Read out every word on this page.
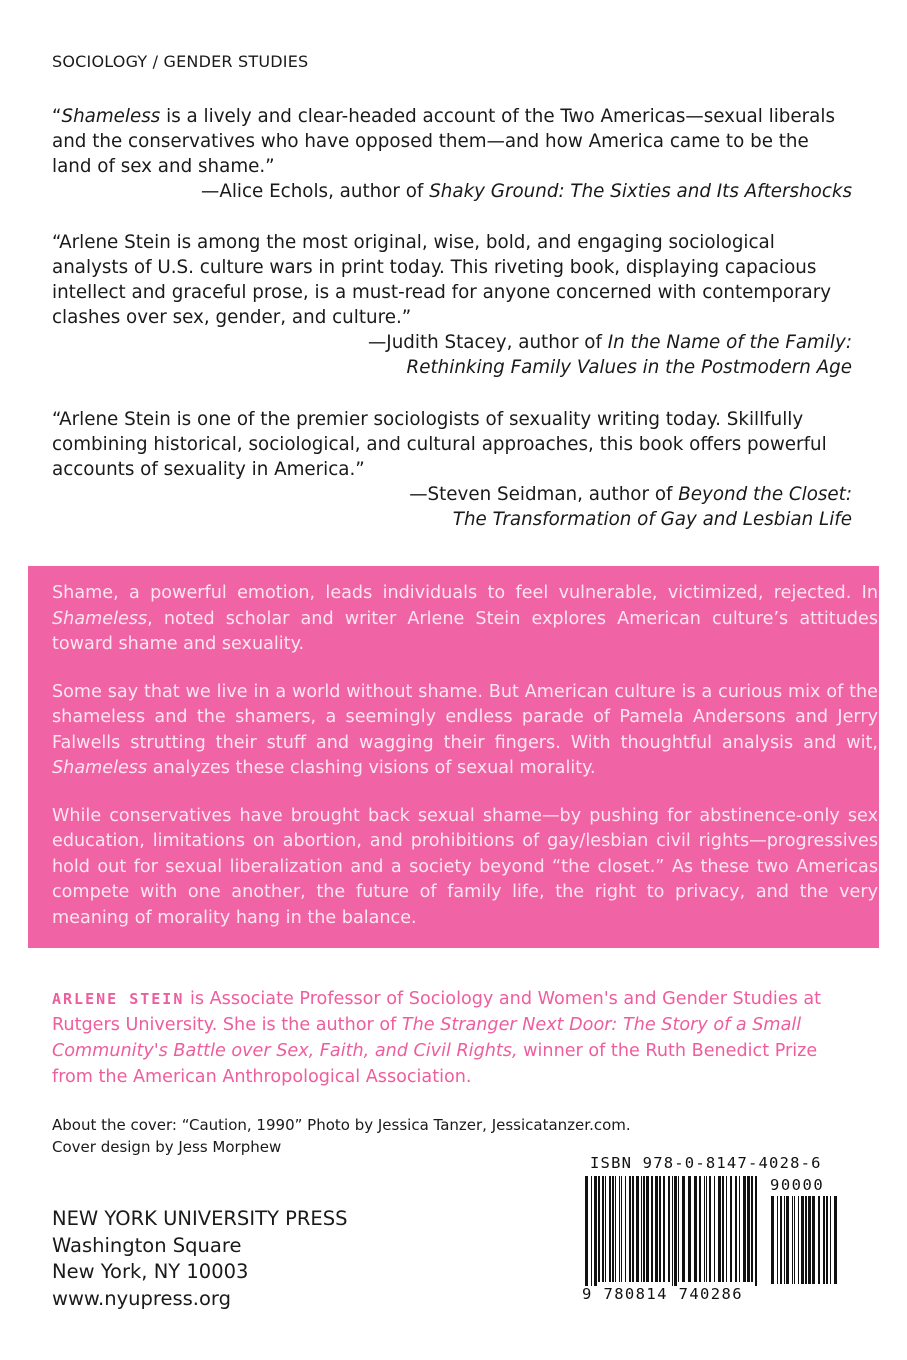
SOCIOLOGY / GENDER STUDIES

“Shameless is a lively and clear-headed account of the Two Americas—sexual liberals and the conservatives who have opposed them—and how America came to be the land of sex and shame.”

—Alice Echols, author of Shaky Ground: The Sixties and Its Aftershocks

“Arlene Stein is among the most original, wise, bold, and engaging sociological analysts of U.S. culture wars in print today. This riveting book, displaying capacious intellect and graceful prose, is a must-read for anyone concerned with contemporary clashes over sex, gender, and culture.”

—Judith Stacey, author of In the Name of the Family:
Rethinking Family Values in the Postmodern Age

“Arlene Stein is one of the premier sociologists of sexuality writing today. Skillfully combining historical, sociological, and cultural approaches, this book offers powerful accounts of sexuality in America.”

—Steven Seidman, author of Beyond the Closet:
The Transformation of Gay and Lesbian Life

Shame, a powerful emotion, leads individuals to feel vulnerable, victimized, rejected. In Shameless, noted scholar and writer Arlene Stein explores American culture’s attitudes toward shame and sexuality.

Some say that we live in a world without shame. But American culture is a curious mix of the shameless and the shamers, a seemingly endless parade of Pamela Andersons and Jerry Falwells strutting their stuff and wagging their fingers. With thoughtful analysis and wit, Shameless analyzes these clashing visions of sexual morality.

While conservatives have brought back sexual shame—by pushing for abstinence-only sex education, limitations on abortion, and prohibitions of gay/lesbian civil rights—progressives hold out for sexual liberalization and a society beyond “the closet.” As these two Americas compete with one another, the future of family life, the right to privacy, and the very meaning of morality hang in the balance.

ARLENE STEIN is Associate Professor of Sociology and Women's and Gender Studies at Rutgers University. She is the author of The Stranger Next Door: The Story of a Small Community's Battle over Sex, Faith, and Civil Rights, winner of the Ruth Benedict Prize from the American Anthropological Association.
About the cover: “Caution, 1990” Photo by Jessica Tanzer, Jessicatanzer.com.
Cover design by Jess Morphew
NEW YORK UNIVERSITY PRESS
Washington Square
New York, NY 10003
www.nyupress.org
ISBN 978-0-8147-4028-6
90000
9 780814 740286
